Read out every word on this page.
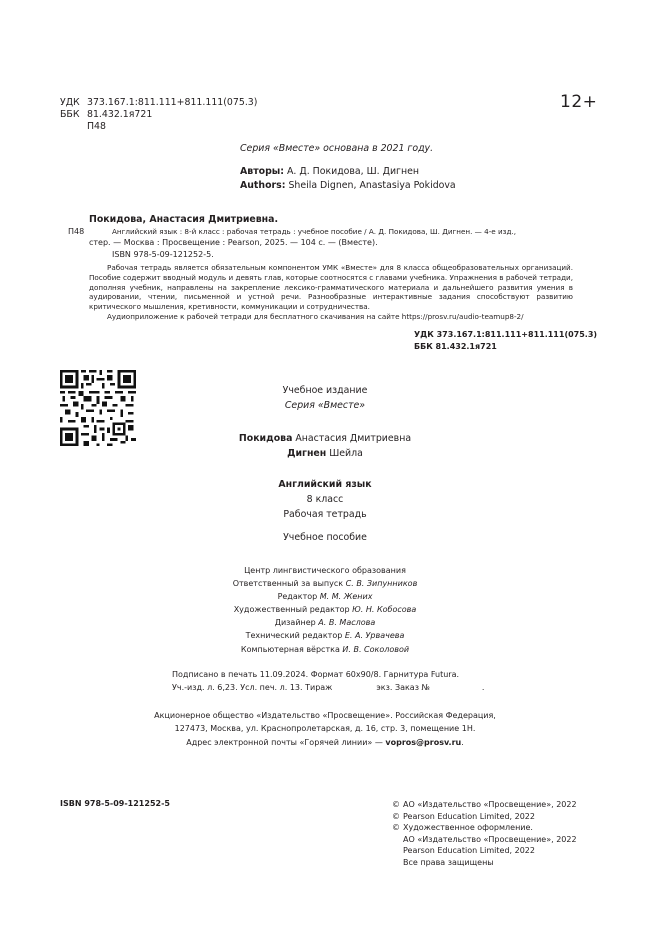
УДК 373.167.1:811.111+811.111(075.3)
ББК 81.432.1я721
П48
12+
Серия «Вместе» основана в 2021 году.
Авторы: А. Д. Покидова, Ш. Дигнен
Authors: Sheila Dignen, Anastasiya Pokidova
Покидова, Анастасия Дмитриевна.
П48	Английский язык : 8-й класс : рабочая тетрадь : учебное пособие / А. Д. Покидова, Ш. Дигнен. — 4-е изд.,
стер. — Москва : Просвещение : Pearson, 2025. — 104 с. — (Вместе).
ISBN 978-5-09-121252-5.

Рабочая тетрадь является обязательным компонентом УМК «Вместе» для 8 класса общеобразовательных организаций. Пособие содержит вводный модуль и девять глав, которые соотносятся с главами учебника. Упражнения в рабочей тетради, дополняя учебник, направлены на закрепление лексико-грамматического материала и дальнейшего развития умения в аудировании, чтении, письменной и устной речи. Разнообразные интерактивные задания способствуют развитию критического мышления, кретивности, коммуникации и сотрудничества.

Аудиоприложение к рабочей тетради для бесплатного скачивания на сайте https://prosv.ru/audio-teamup8-2/

УДК 373.167.1:811.111+811.111(075.3)
ББК 81.432.1я721
Учебное издание
Серия «Вместе»
Покидова Анастасия Дмитриевна
Дигнен Шейла
Английский язык
8 класс
Рабочая тетрадь
Учебное пособие
Центр лингвистического образования
Ответственный за выпуск С. В. Зипунников
Редактор М. М. Жених
Художественный редактор Ю. Н. Кобосова
Дизайнер А. В. Маслова
Технический редактор Е. А. Урвачева
Компьютерная вёрстка И. В. Соколовой
Подписано в печать 11.09.2024. Формат 60x90/8. Гарнитура Futura.
Уч.-изд. л. 6,23. Усл. печ. л. 13. Тираж	экз. Заказ №	.
Акционерное общество «Издательство «Просвещение». Российская Федерация,
127473, Москва, ул. Краснопролетарская, д. 16, стр. 3, помещение 1Н.
Адрес электронной почты «Горячей линии» — vopros@prosv.ru.
ISBN 978-5-09-121252-5	© АО «Издательство «Просвещение», 2022
© Pearson Education Limited, 2022
© Художественное оформление.
АО «Издательство «Просвещение», 2022
Pearson Education Limited, 2022
Все права защищены
